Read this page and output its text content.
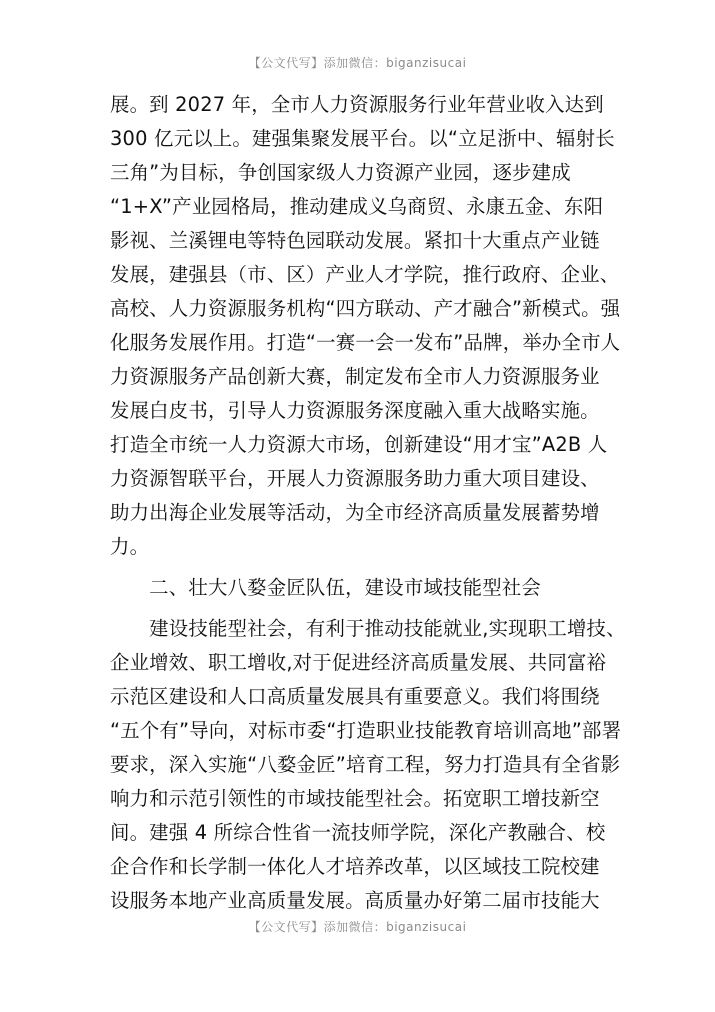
【公文代写】添加微信：biganzisucai
展。到 2027 年，全市人力资源服务行业年营业收入达到
300 亿元以上。建强集聚发展平台。以“立足浙中、辐射长
三角”为目标，争创国家级人力资源产业园，逐步建成
“1+X”产业园格局，推动建成义乌商贸、永康五金、东阳
影视、兰溪锂电等特色园联动发展。紧扣十大重点产业链
发展，建强县（市、区）产业人才学院，推行政府、企业、
高校、人力资源服务机构“四方联动、产才融合”新模式。强
化服务发展作用。打造“一赛一会一发布”品牌，举办全市人
力资源服务产品创新大赛，制定发布全市人力资源服务业
发展白皮书，引导人力资源服务深度融入重大战略实施。
打造全市统一人力资源大市场，创新建设“用才宝”A2B 人
力资源智联平台，开展人力资源服务助力重大项目建设、
助力出海企业发展等活动，为全市经济高质量发展蓄势增
力。
　　二、壮大八婺金匠队伍，建设市域技能型社会
　　建设技能型社会，有利于推动技能就业,实现职工增技、
企业增效、职工增收,对于促进经济高质量发展、共同富裕
示范区建设和人口高质量发展具有重要意义。我们将围绕
“五个有”导向，对标市委“打造职业技能教育培训高地”部署
要求，深入实施“八婺金匠”培育工程，努力打造具有全省影
响力和示范引领性的市域技能型社会。拓宽职工增技新空
间。建强 4 所综合性省一流技师学院，深化产教融合、校
企合作和长学制一体化人才培养改革，以区域技工院校建
设服务本地产业高质量发展。高质量办好第二届市技能大
【公文代写】添加微信：biganzisucai
